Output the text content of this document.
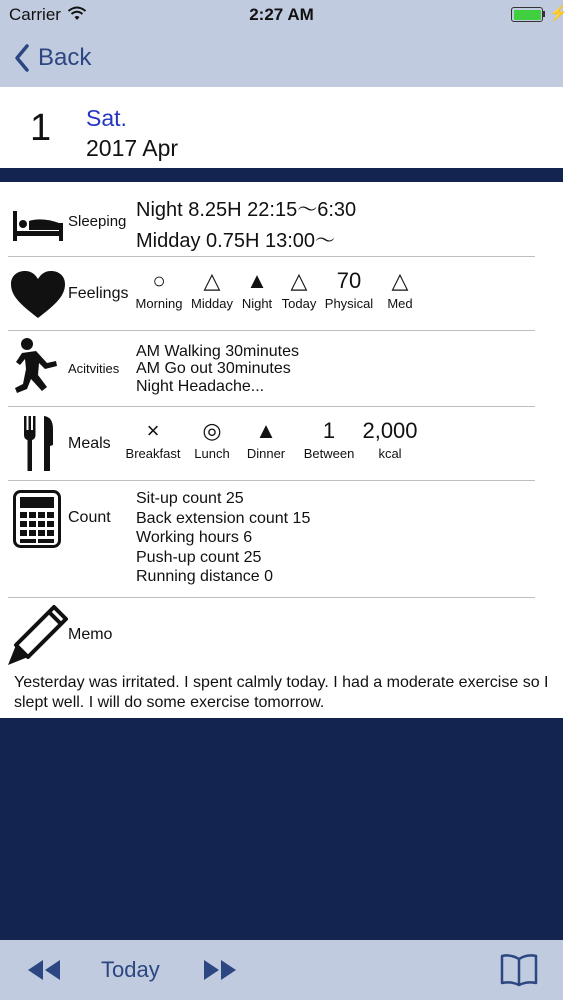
Carrier	2:27 AM	⚡
Back
1 Sat.
2017 Apr
Sleeping
Night 8.25H 22:15～6:30
Midday 0.75H 13:00～
Feelings
○
Morning
△
Midday
▲
Night
△
Today
70
Physical
△
Med
Acitvities
AM Walking 30minutes
AM Go out 30minutes
Night Headache...
Meals
×
Breakfast
◎
Lunch
▲
Dinner
1
Between
2,000
kcal
Count
Sit-up count 25
Back extension count 15
Working hours 6
Push-up count 25
Running distance 0
Memo
Yesterday was irritated. I spent calmly today. I had a moderate exercise so I slept well. I will do some exercise tomorrow.
Today
